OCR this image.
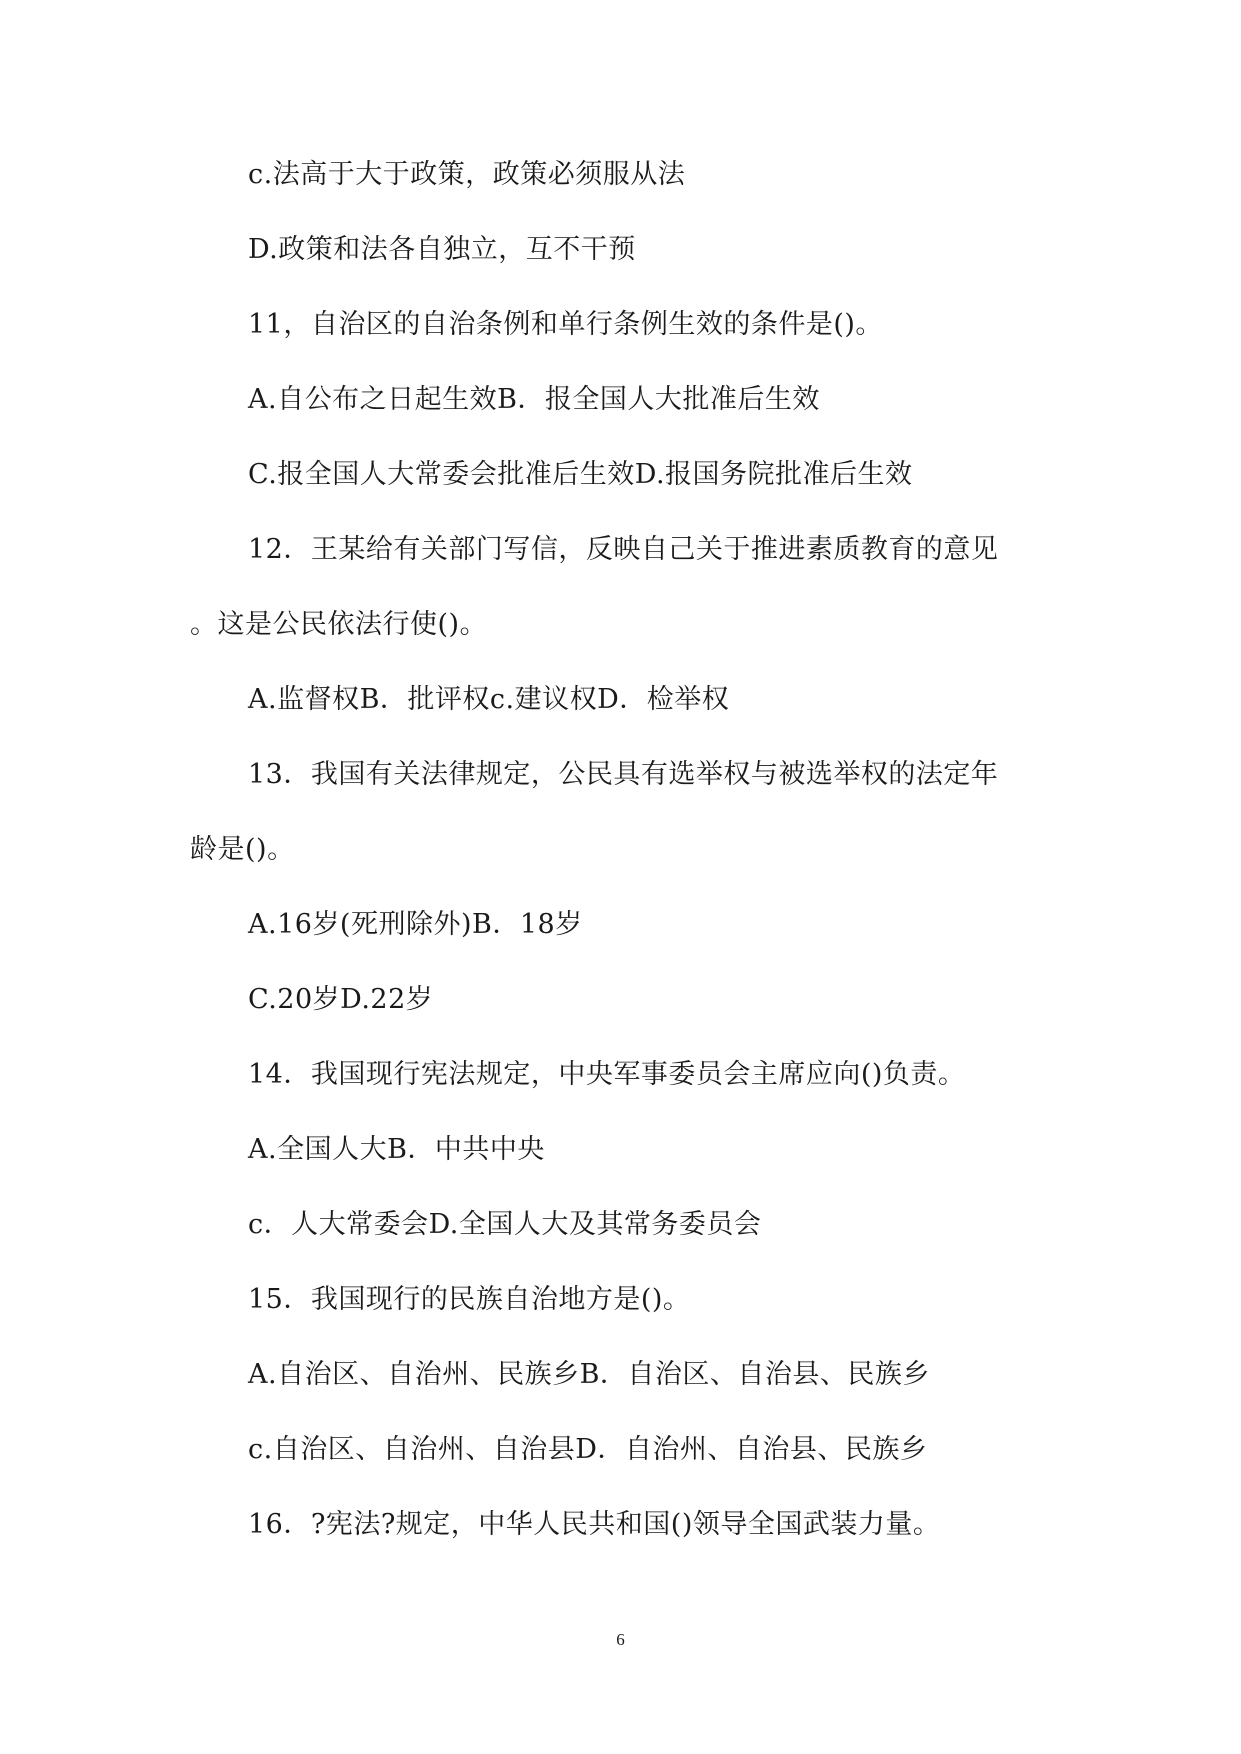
c.法高于大于政策，政策必须服从法
D.政策和法各自独立，互不干预
11，自治区的自治条例和单行条例生效的条件是()。
A.自公布之日起生效B．报全国人大批准后生效
C.报全国人大常委会批准后生效D.报国务院批准后生效
12．王某给有关部门写信，反映自己关于推进素质教育的意见
。这是公民依法行使()。
A.监督权B．批评权c.建议权D．检举权
13．我国有关法律规定，公民具有选举权与被选举权的法定年
龄是()。
A.16岁(死刑除外)B．18岁
C.20岁D.22岁
14．我国现行宪法规定，中央军事委员会主席应向()负责。
A.全国人大B．中共中央
c．人大常委会D.全国人大及其常务委员会
15．我国现行的民族自治地方是()。
A.自治区、自治州、民族乡B．自治区、自治县、民族乡
c.自治区、自治州、自治县D．自治州、自治县、民族乡
16．?宪法?规定，中华人民共和国()领导全国武装力量。
6
